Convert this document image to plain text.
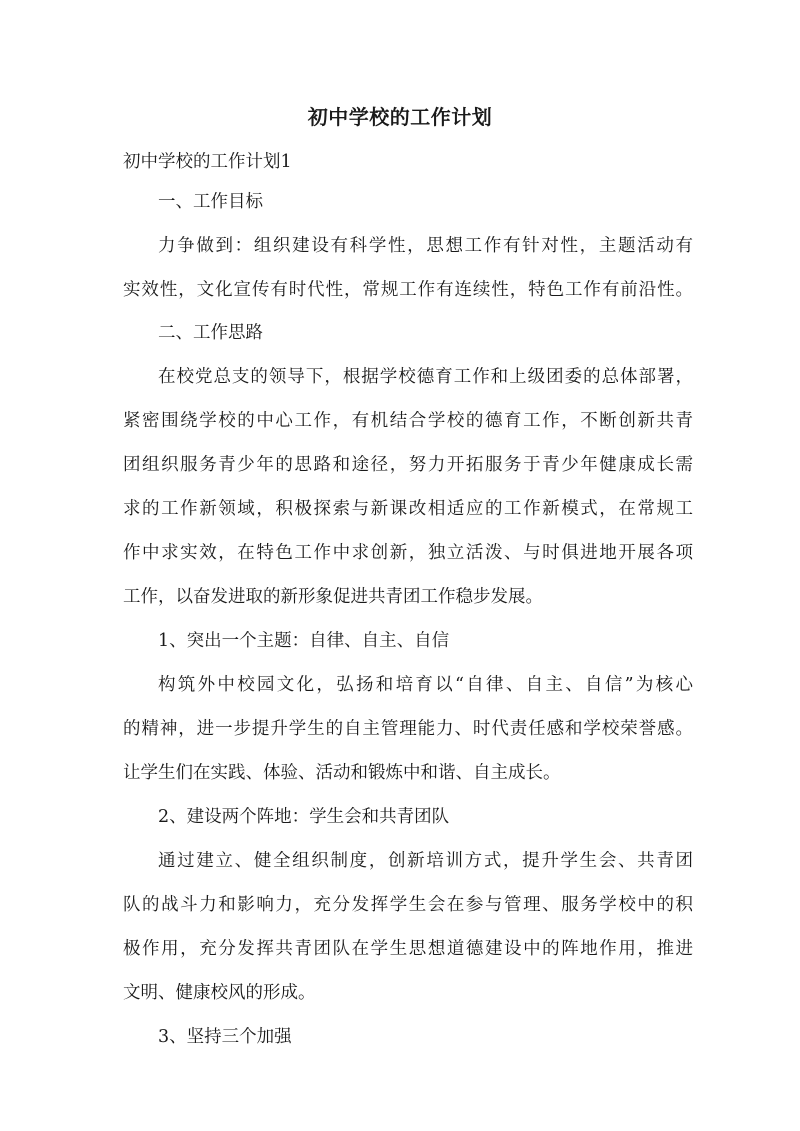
初中学校的工作计划

初中学校的工作计划1

一、工作目标

力争做到：组织建设有科学性，思想工作有针对性，主题活动有

实效性，文化宣传有时代性，常规工作有连续性，特色工作有前沿性。

二、工作思路

在校党总支的领导下，根据学校德育工作和上级团委的总体部署，

紧密围绕学校的中心工作，有机结合学校的德育工作，不断创新共青

团组织服务青少年的思路和途径，努力开拓服务于青少年健康成长需

求的工作新领域，积极探索与新课改相适应的工作新模式，在常规工

作中求实效，在特色工作中求创新，独立活泼、与时俱进地开展各项

工作，以奋发进取的新形象促进共青团工作稳步发展。

1、突出一个主题：自律、自主、自信

构筑外中校园文化，弘扬和培育以“自律、自主、自信”为核心

的精神，进一步提升学生的自主管理能力、时代责任感和学校荣誉感。

让学生们在实践、体验、活动和锻炼中和谐、自主成长。

2、建设两个阵地：学生会和共青团队

通过建立、健全组织制度，创新培训方式，提升学生会、共青团

队的战斗力和影响力，充分发挥学生会在参与管理、服务学校中的积

极作用，充分发挥共青团队在学生思想道德建设中的阵地作用，推进

文明、健康校风的形成。

3、坚持三个加强
